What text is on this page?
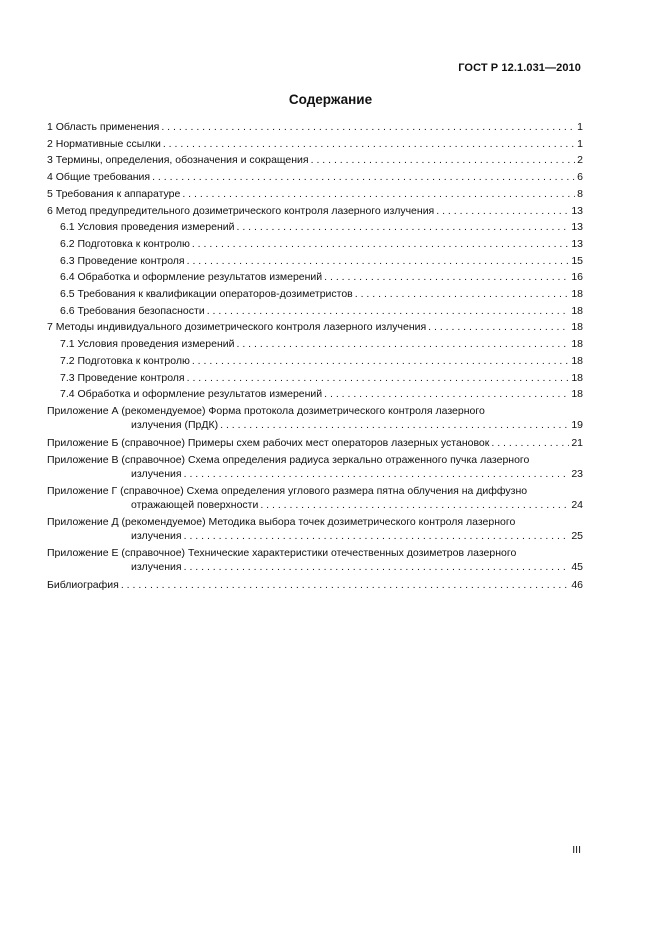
ГОСТ Р 12.1.031—2010
Содержание
1 Область применения . . .	1
2 Нормативные ссылки . . .	1
3 Термины, определения, обозначения и сокращения . . .	2
4 Общие требования . . .	6
5 Требования к аппаратуре . . .	8
6 Метод предупредительного дозиметрического контроля лазерного излучения . . .	13
6.1 Условия проведения измерений . . .	13
6.2 Подготовка к контролю . . .	13
6.3 Проведение контроля . . .	15
6.4 Обработка и оформление результатов измерений . . .	16
6.5 Требования к квалификации операторов-дозиметристов . . .	18
6.6 Требования безопасности . . .	18
7 Методы индивидуального дозиметрического контроля лазерного излучения . . .	18
7.1 Условия проведения измерений . . .	18
7.2 Подготовка к контролю . . .	18
7.3 Проведение контроля . . .	18
7.4 Обработка и оформление результатов измерений . . .	18
Приложение А (рекомендуемое) Форма протокола дозиметрического контроля лазерного
излучения (ПрДК) . . .	19
Приложение Б (справочное) Примеры схем рабочих мест операторов лазерных установок . . .	21
Приложение В (справочное) Схема определения радиуса зеркально отраженного пучка лазерного
излучения . . .	23
Приложение Г (справочное) Схема определения углового размера пятна облучения на диффузно
отражающей поверхности . . .	24
Приложение Д (рекомендуемое) Методика выбора точек дозиметрического контроля лазерного
излучения . . .	25
Приложение Е (справочное) Технические характеристики отечественных дозиметров лазерного
излучения . . .	45
Библиография . . .	46
III
